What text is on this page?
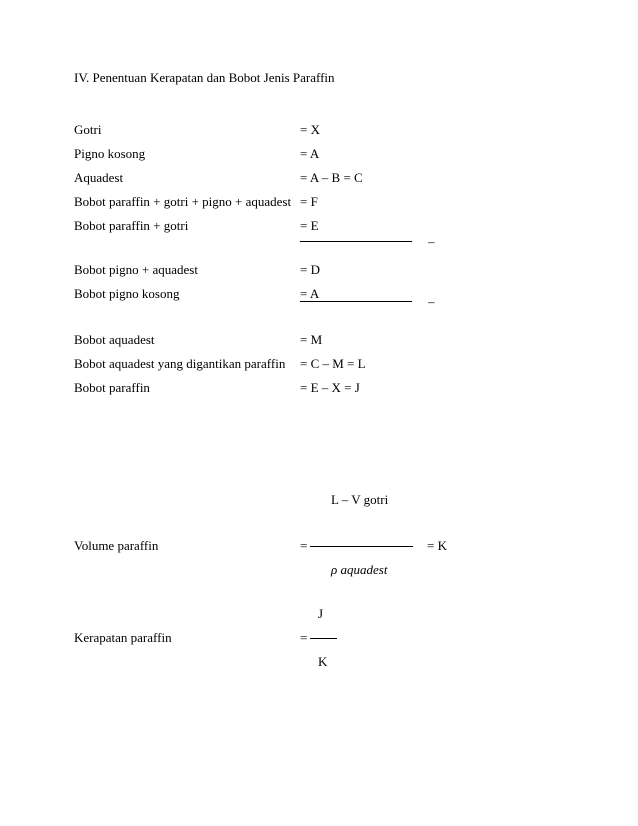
IV. Penentuan Kerapatan dan Bobot Jenis Paraffin
Gotri	= X
Pigno kosong	= A
Aquadest	= A – B = C
Bobot paraffin + gotri + pigno + aquadest = F
Bobot paraffin + gotri	= E
–
Bobot pigno + aquadest	= D
Bobot pigno kosong	= A
–
Bobot aquadest	= M
Bobot aquadest yang digantikan paraffin = C – M = L
Bobot paraffin	= E – X = J
L – V gotri
Volume paraffin	=	= K
ρ aquadest
J
Kerapatan paraffin	=
K
